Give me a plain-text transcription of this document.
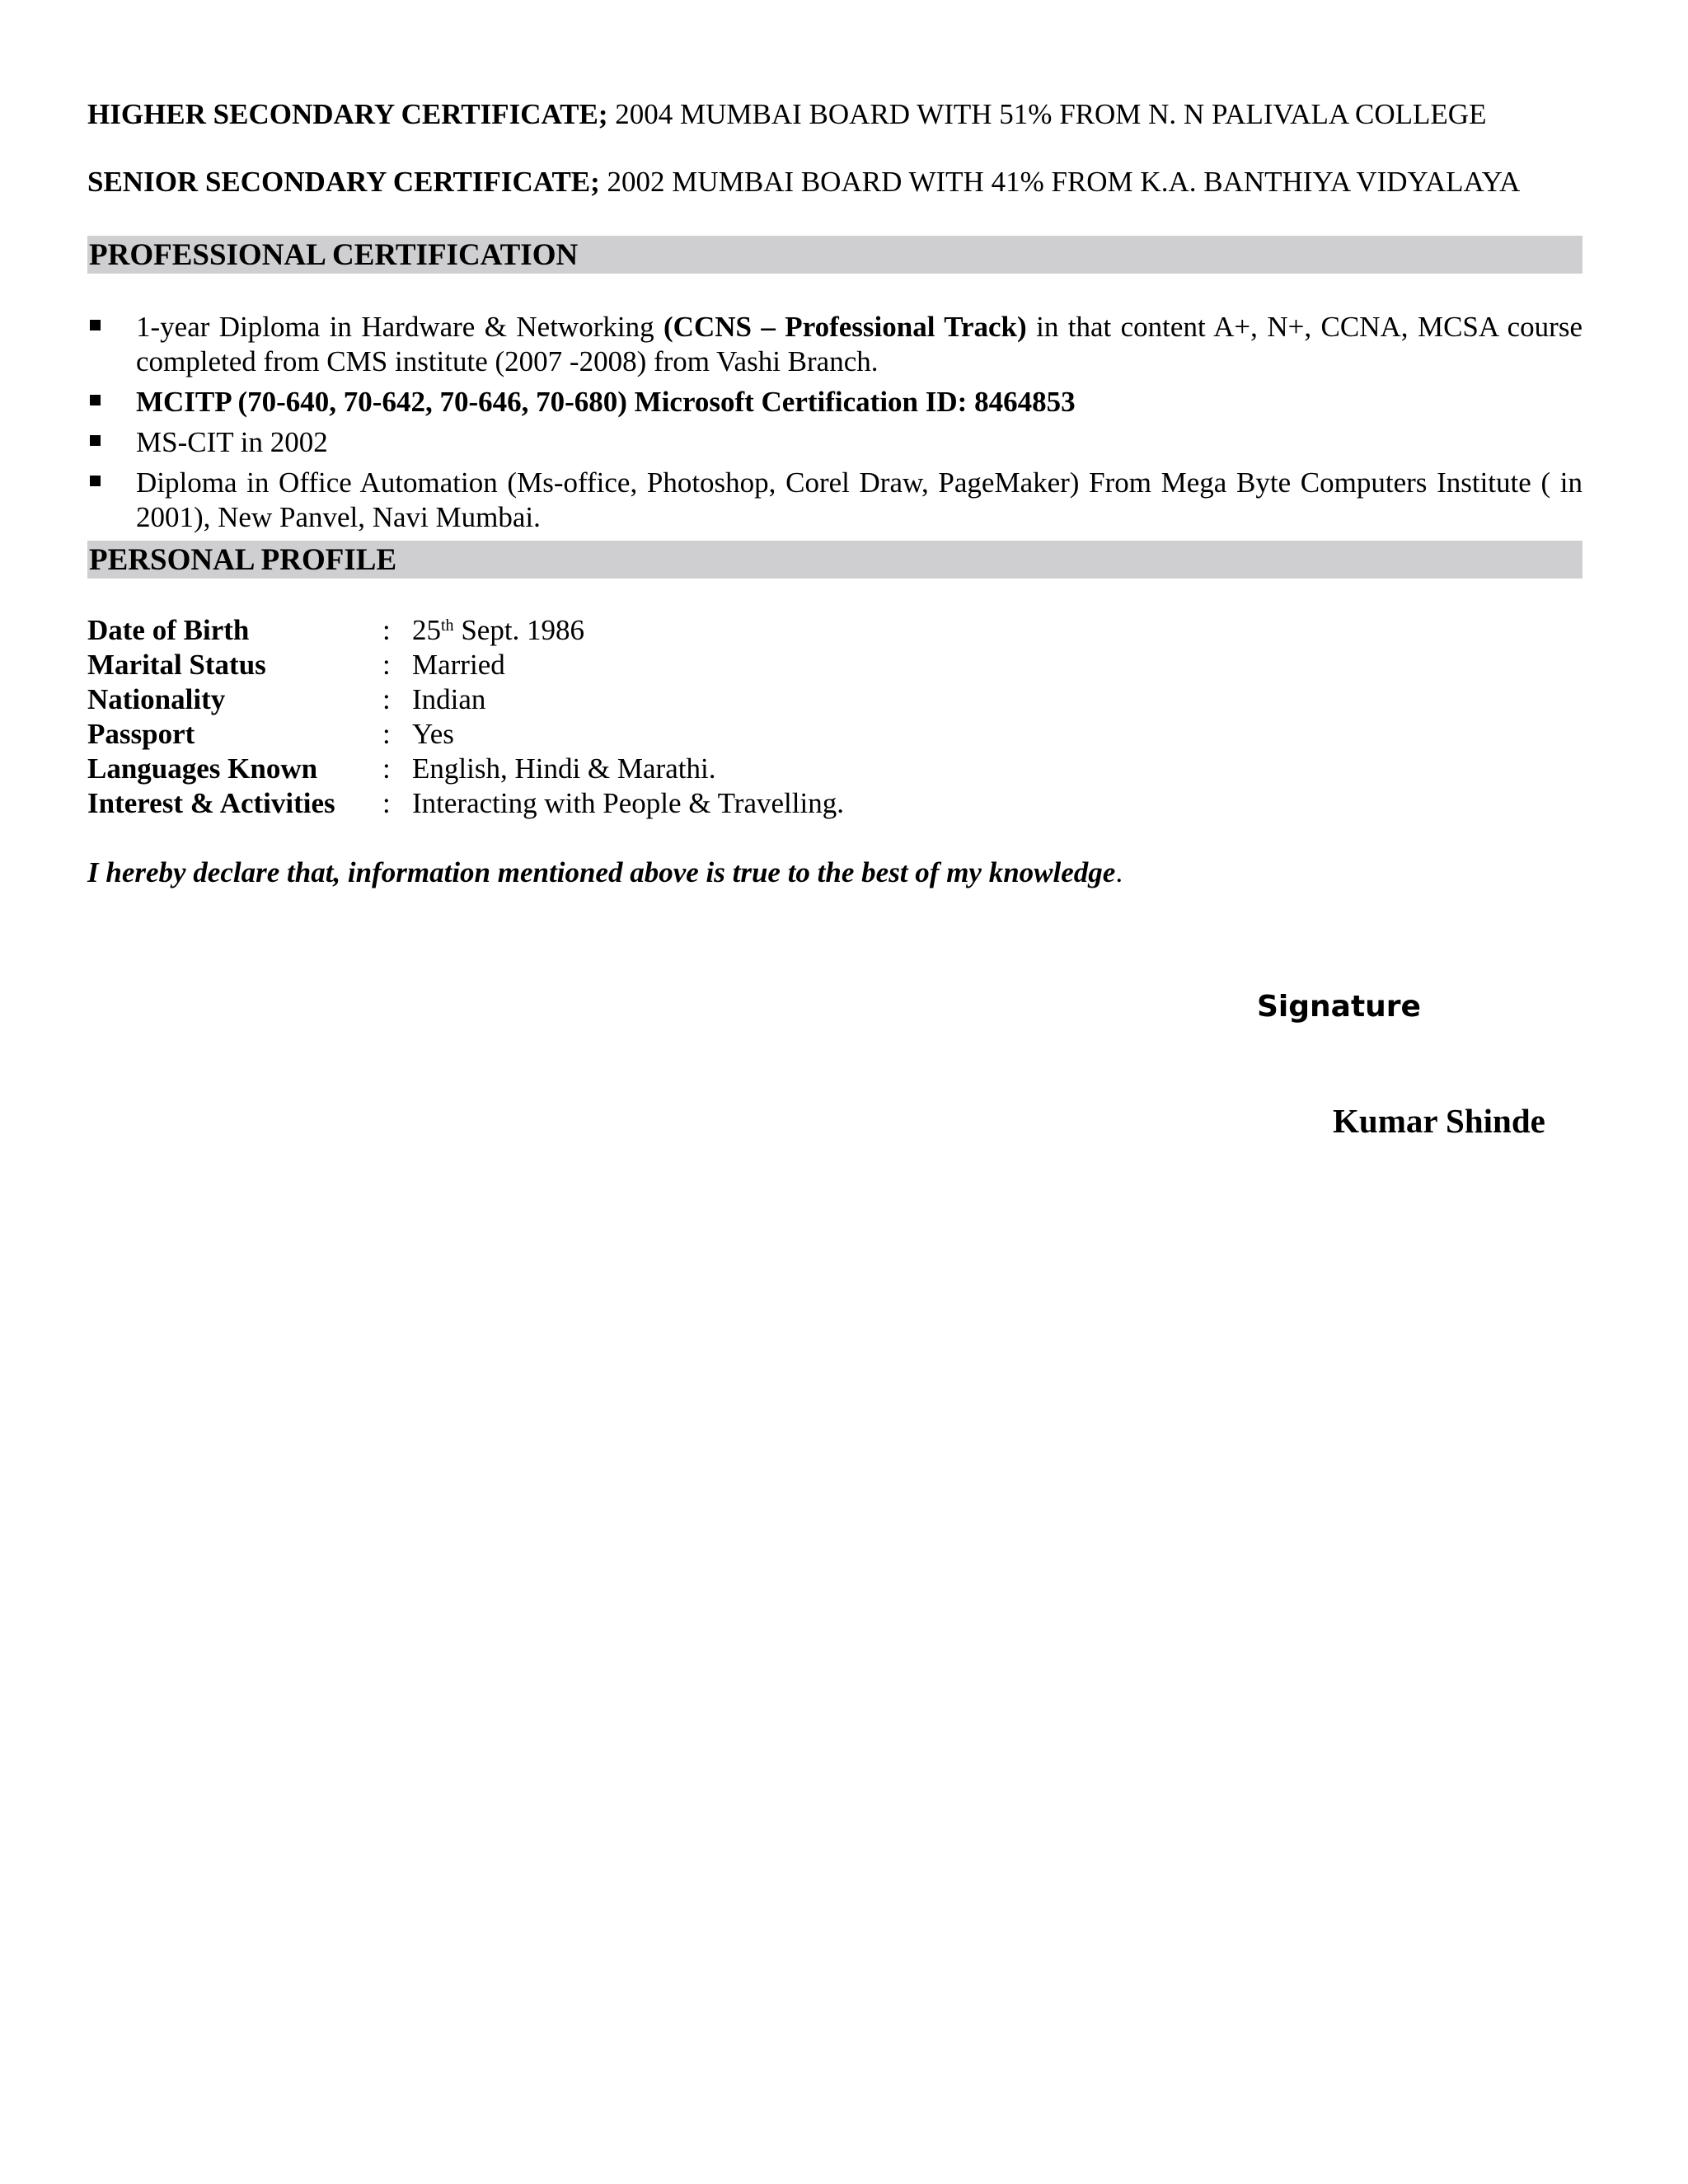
HIGHER SECONDARY CERTIFICATE; 2004 MUMBAI BOARD WITH 51% FROM N. N PALIVALA COLLEGE
SENIOR SECONDARY CERTIFICATE; 2002 MUMBAI BOARD WITH 41% FROM K.A. BANTHIYA VIDYALAYA
PROFESSIONAL CERTIFICATION
1-year Diploma in Hardware & Networking (CCNS – Professional Track) in that content A+, N+, CCNA, MCSA course completed from CMS institute (2007 -2008) from Vashi Branch.
MCITP (70-640, 70-642, 70-646, 70-680) Microsoft Certification ID: 8464853
MS-CIT in 2002
Diploma in Office Automation (Ms-office, Photoshop, Corel Draw, PageMaker) From Mega Byte Computers Institute ( in 2001), New Panvel, Navi Mumbai.
PERSONAL PROFILE
Date of Birth	:	25th Sept. 1986
Marital Status	:	Married
Nationality	:	Indian
Passport	:	Yes
Languages Known	:	English, Hindi & Marathi.
Interest & Activities	:	Interacting with People & Travelling.
I hereby declare that, information mentioned above is true to the best of my knowledge.
Signature
Kumar Shinde
